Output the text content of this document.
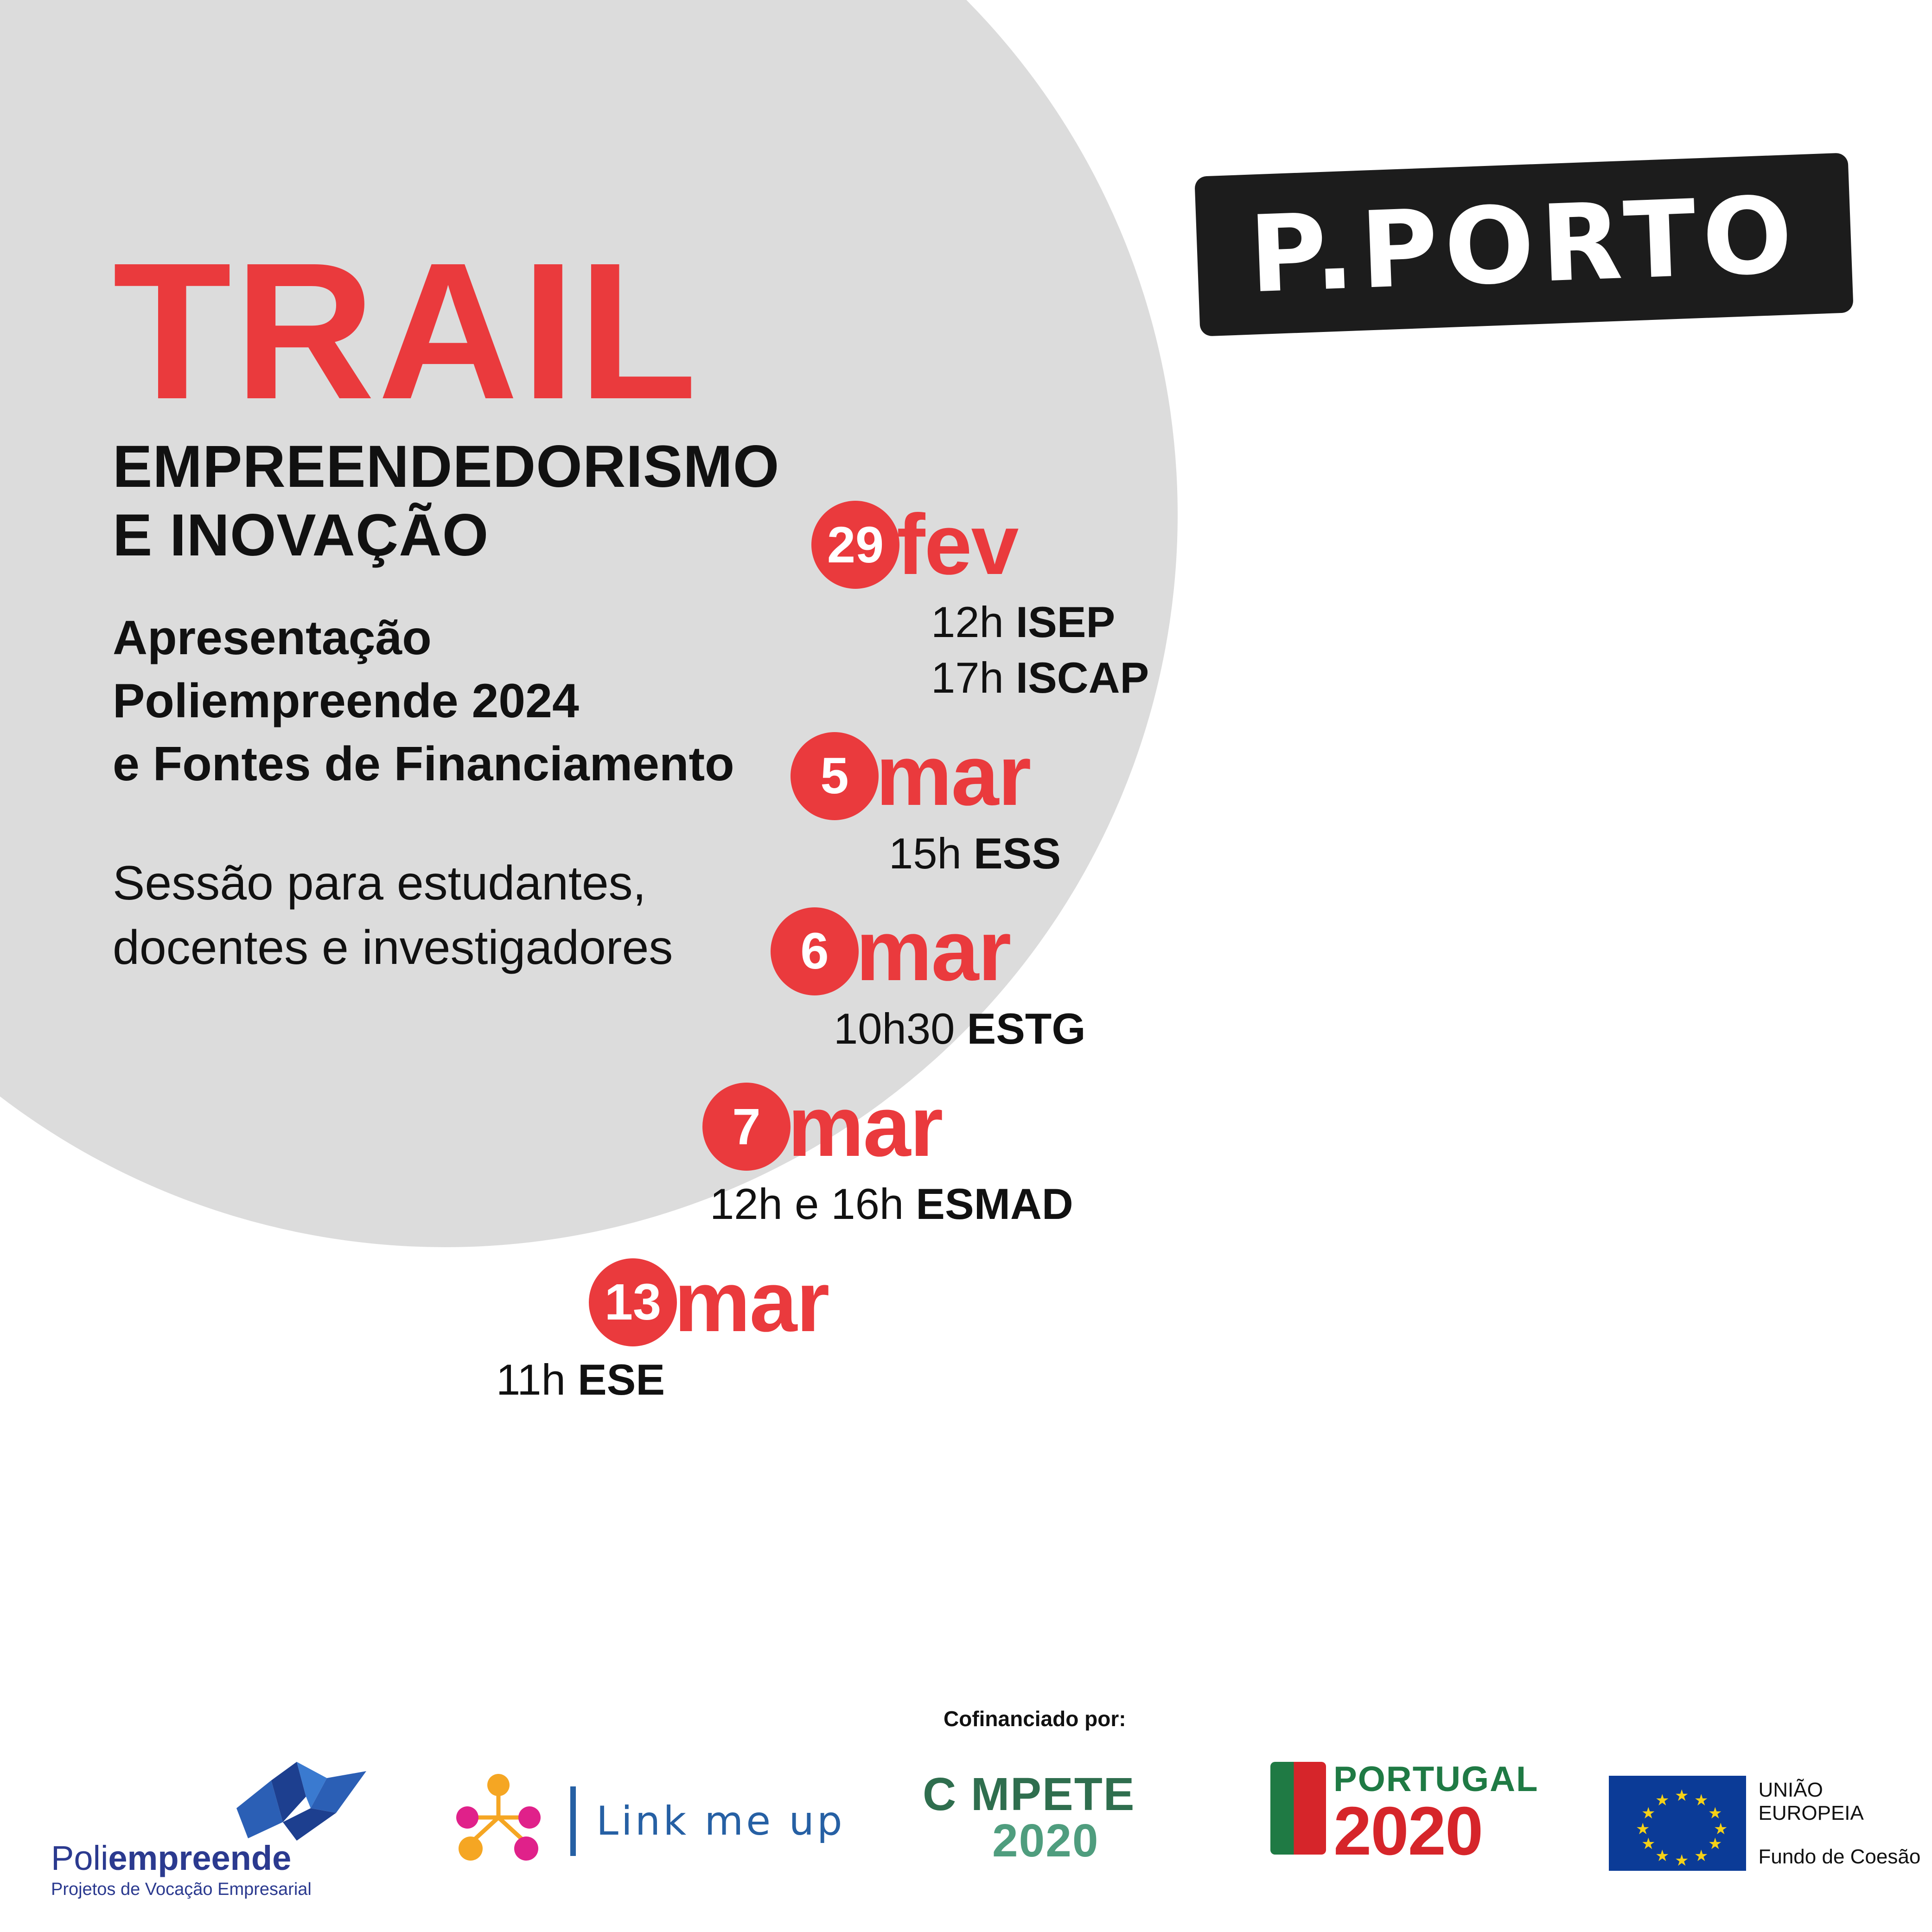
TRAIL
EMPREENDEDORISMO
E INOVAÇÃO
Apresentação
Poliempreende 2024
e Fontes de Financiamento
Sessão para estudantes,
docentes e investigadores
P.PORTO
29 fev
12h ISEP
17h ISCAP
5 mar
15h ESS
6 mar
10h30 ESTG
7 mar
12h e 16h ESMAD
13 mar
11h ESE
Cofinanciado por:
Poliempreende
Projetos de Vocação Empresarial
Link me up
C MPETE
2020
PORTUGAL
2020	★
★ ★
★	★
★	★
★	★
★ ★
★
UNIÃO EUROPEIA
Fundo de Coesão
